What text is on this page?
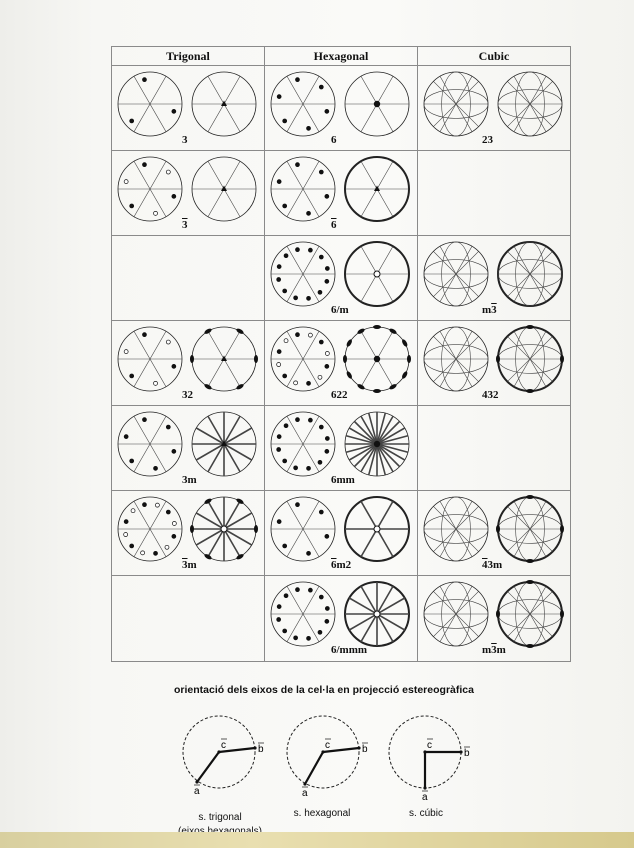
Trigonal	Hexagonal	Cubic

3	6	23

3	6	

	6/m	m3

32	622	432

3m	6mm	

3m	6m2	43m

	6/mmm	m3m
orientació dels eixos de la cel·la en projecció estereogràfica
c	b
a
c	b
a
c
b
a
s. trigonal	s. hexagonal	s. cúbic
